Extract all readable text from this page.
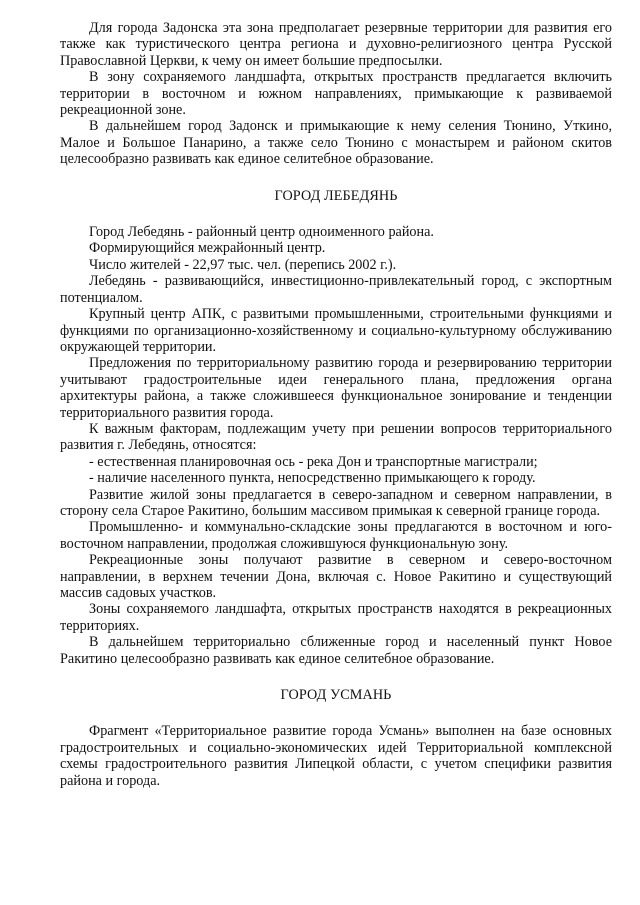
Для города Задонска эта зона предполагает резервные территории для развития его также как туристического центра региона и духовно-религиозного центра Русской Православной Церкви, к чему он имеет большие предпосылки.

В зону сохраняемого ландшафта, открытых пространств предлагается включить территории в восточном и южном направлениях, примыкающие к развиваемой рекреационной зоне.

В дальнейшем город Задонск и примыкающие к нему селения Тюнино, Уткино, Малое и Большое Панарино, а также село Тюнино с монастырем и районом скитов целесообразно развивать как единое селитебное образование.

ГОРОД ЛЕБЕДЯНЬ

Город Лебедянь - районный центр одноименного района.

Формирующийся межрайонный центр.

Число жителей - 22,97 тыс. чел. (перепись 2002 г.).

Лебедянь - развивающийся, инвестиционно-привлекательный город, с экспортным потенциалом.

Крупный центр АПК, с развитыми промышленными, строительными функциями и функциями по организационно-хозяйственному и социально-культурному обслуживанию окружающей территории.

Предложения по территориальному развитию города и резервированию территории учитывают градостроительные идеи генерального плана, предложения органа архитектуры района, а также сложившееся функциональное зонирование и тенденции территориального развития города.

К важным факторам, подлежащим учету при решении вопросов территориального развития г. Лебедянь, относятся:

- естественная планировочная ось - река Дон и транспортные магистрали;

- наличие населенного пункта, непосредственно примыкающего к городу.

Развитие жилой зоны предлагается в северо-западном и северном направлении, в сторону села Старое Ракитино, большим массивом примыкая к северной границе города.

Промышленно- и коммунально-складские зоны предлагаются в восточном и юго-восточном направлении, продолжая сложившуюся функциональную зону.

Рекреационные зоны получают развитие в северном и северо-восточном направлении, в верхнем течении Дона, включая с. Новое Ракитино и существующий массив садовых участков.

Зоны сохраняемого ландшафта, открытых пространств находятся в рекреационных территориях.

В дальнейшем территориально сближенные город и населенный пункт Новое Ракитино целесообразно развивать как единое селитебное образование.

ГОРОД УСМАНЬ

Фрагмент «Территориальное развитие города Усмань» выполнен на базе основных градостроительных и социально-экономических идей Территориальной комплексной схемы градостроительного развития Липецкой области, с учетом специфики развития района и города.
